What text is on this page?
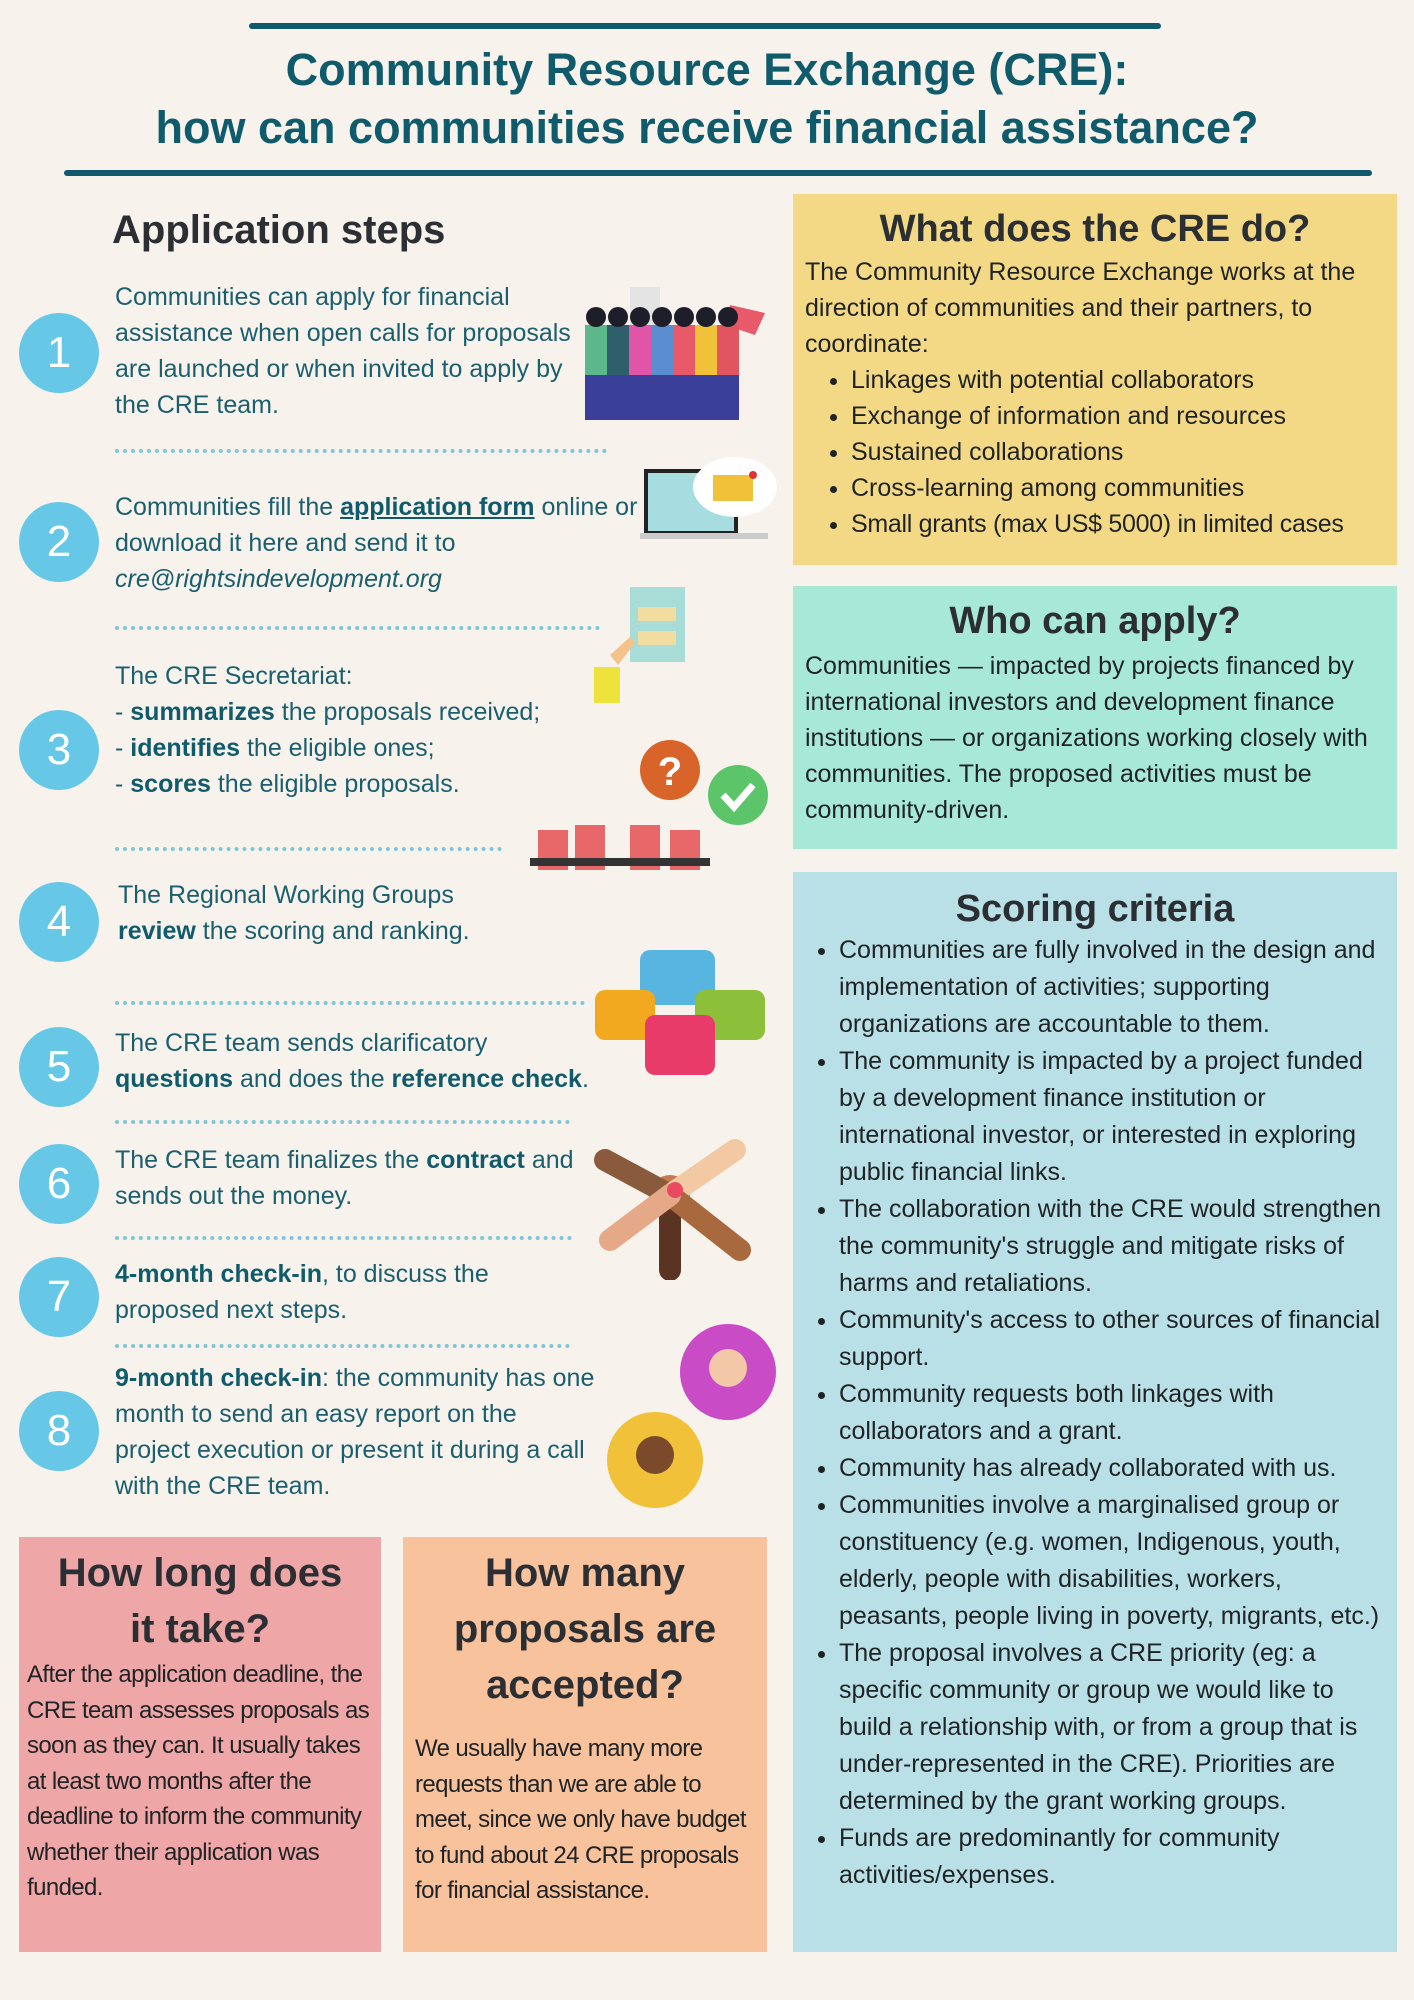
Community Resource Exchange (CRE):
how can communities receive financial assistance?
Application steps
1
2
3
4
5
6
7
8
Communities can apply for financial assistance when open calls for proposals are launched or when invited to apply by the CRE team.
Communities fill the application form online or download it here and send it to
cre@rightsindevelopment.org
The CRE Secretariat:
- summarizes the proposals received;
- identifies the eligible ones;
- scores the eligible proposals.
The Regional Working Groups
review the scoring and ranking.
The CRE team sends clarificatory
questions and does the reference check.
The CRE team finalizes the contract and sends out the money.
4-month check-in, to discuss the proposed next steps.
9-month check-in: the community has one month to send an easy report on the project execution or present it during a call with the CRE team.
?
What does the CRE do?

The Community Resource Exchange works at the direction of communities and their partners, to coordinate:

• Linkages with potential collaborators
• Exchange of information and resources
• Sustained collaborations
• Cross-learning among communities
• Small grants (max US$ 5000) in limited cases
Who can apply?

Communities — impacted by projects financed by international investors and development finance institutions — or organizations working closely with communities. The proposed activities must be community-driven.

Scoring criteria
• Communities are fully involved in the design and implementation of activities; supporting organizations are accountable to them.
• The community is impacted by a project funded by a development finance institution or international investor, or interested in exploring public financial links.
• The collaboration with the CRE would strengthen the community's struggle and mitigate risks of harms and retaliations.
• Community's access to other sources of financial support.
• Community requests both linkages with collaborators and a grant.
• Community has already collaborated with us.
• Communities involve a marginalised group or constituency (e.g. women, Indigenous, youth, elderly, people with disabilities, workers, peasants, people living in poverty, migrants, etc.)
• The proposal involves a CRE priority (eg: a specific community or group we would like to build a relationship with, or from a group that is under-represented in the CRE). Priorities are determined by the grant working groups.
• Funds are predominantly for community activities/expenses.
How long does it take?

After the application deadline, the CRE team assesses proposals as soon as they can. It usually takes at least two months after the deadline to inform the community whether their application was funded.

How many proposals are accepted?

We usually have many more requests than we are able to meet, since we only have budget to fund about 24 CRE proposals for financial assistance.
